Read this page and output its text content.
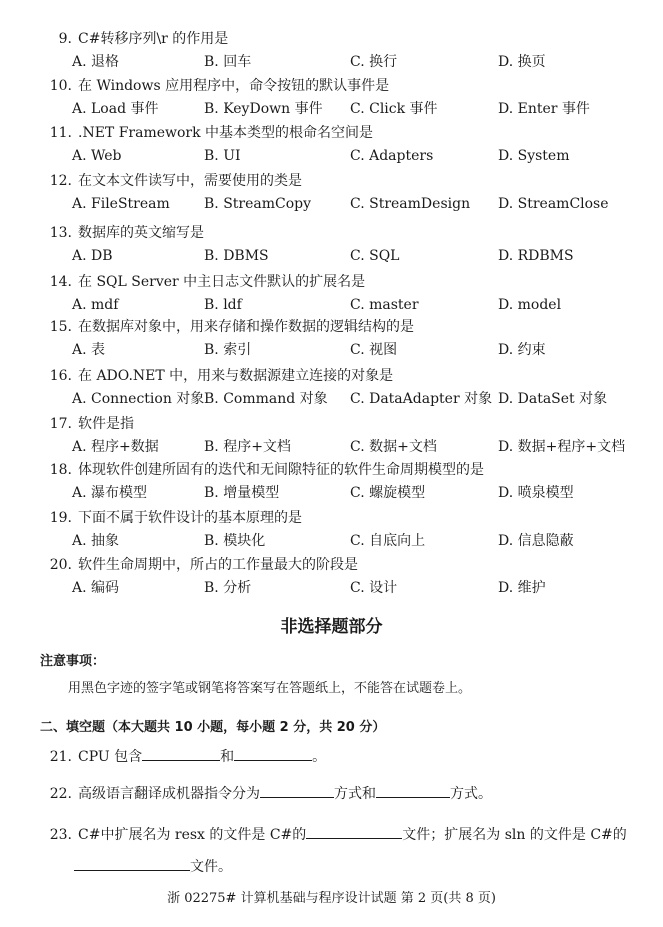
9. C#转移序列\r 的作用是
A. 退格	B. 回车	C. 换行	D. 换页
10. 在 Windows 应用程序中，命令按钮的默认事件是
A. Load 事件	B. KeyDown 事件 C. Click 事件	D. Enter 事件
11. .NET Framework 中基本类型的根命名空间是
A. Web	B. UI	C. Adapters	D. System
12. 在文本文件读写中，需要使用的类是
A. FileStream B. StreamCopy	C. StreamDesign D. StreamClose
13. 数据库的英文缩写是
A. DB	B. DBMS	C. SQL	D. RDBMS
14. 在 SQL Server 中主日志文件默认的扩展名是
A. mdf	B. ldf	C. master	D. model
15. 在数据库对象中，用来存储和操作数据的逻辑结构的是
A. 表	B. 索引	C. 视图	D. 约束
16. 在 ADO.NET 中，用来与数据源建立连接的对象是
A. Connection 对象 B. Command 对象 C. DataAdapter 对象 D. DataSet 对象
17. 软件是指
A. 程序+数据	B. 程序+文档	C. 数据+文档	D. 数据+程序+文档
18. 体现软件创建所固有的迭代和无间隙特征的软件生命周期模型的是
A. 瀑布模型	B. 增量模型	C. 螺旋模型	D. 喷泉模型
19. 下面不属于软件设计的基本原理的是
A. 抽象	B. 模块化	C. 自底向上	D. 信息隐蔽
20. 软件生命周期中，所占的工作量最大的阶段是
A. 编码	B. 分析	C. 设计	D. 维护
非选择题部分
注意事项：
用黑色字迹的签字笔或钢笔将答案写在答题纸上，不能答在试题卷上。
二、填空题（本大题共 10 小题，每小题 2 分，共 20 分）
21. CPU 包含	和	。
22. 高级语言翻译成机器指令分为	方式和	方式。
23. C#中扩展名为 resx 的文件是 C#的	文件；扩展名为 sln 的文件是 C#的
文件。
浙 02275# 计算机基础与程序设计试题 第 2 页(共 8 页)
